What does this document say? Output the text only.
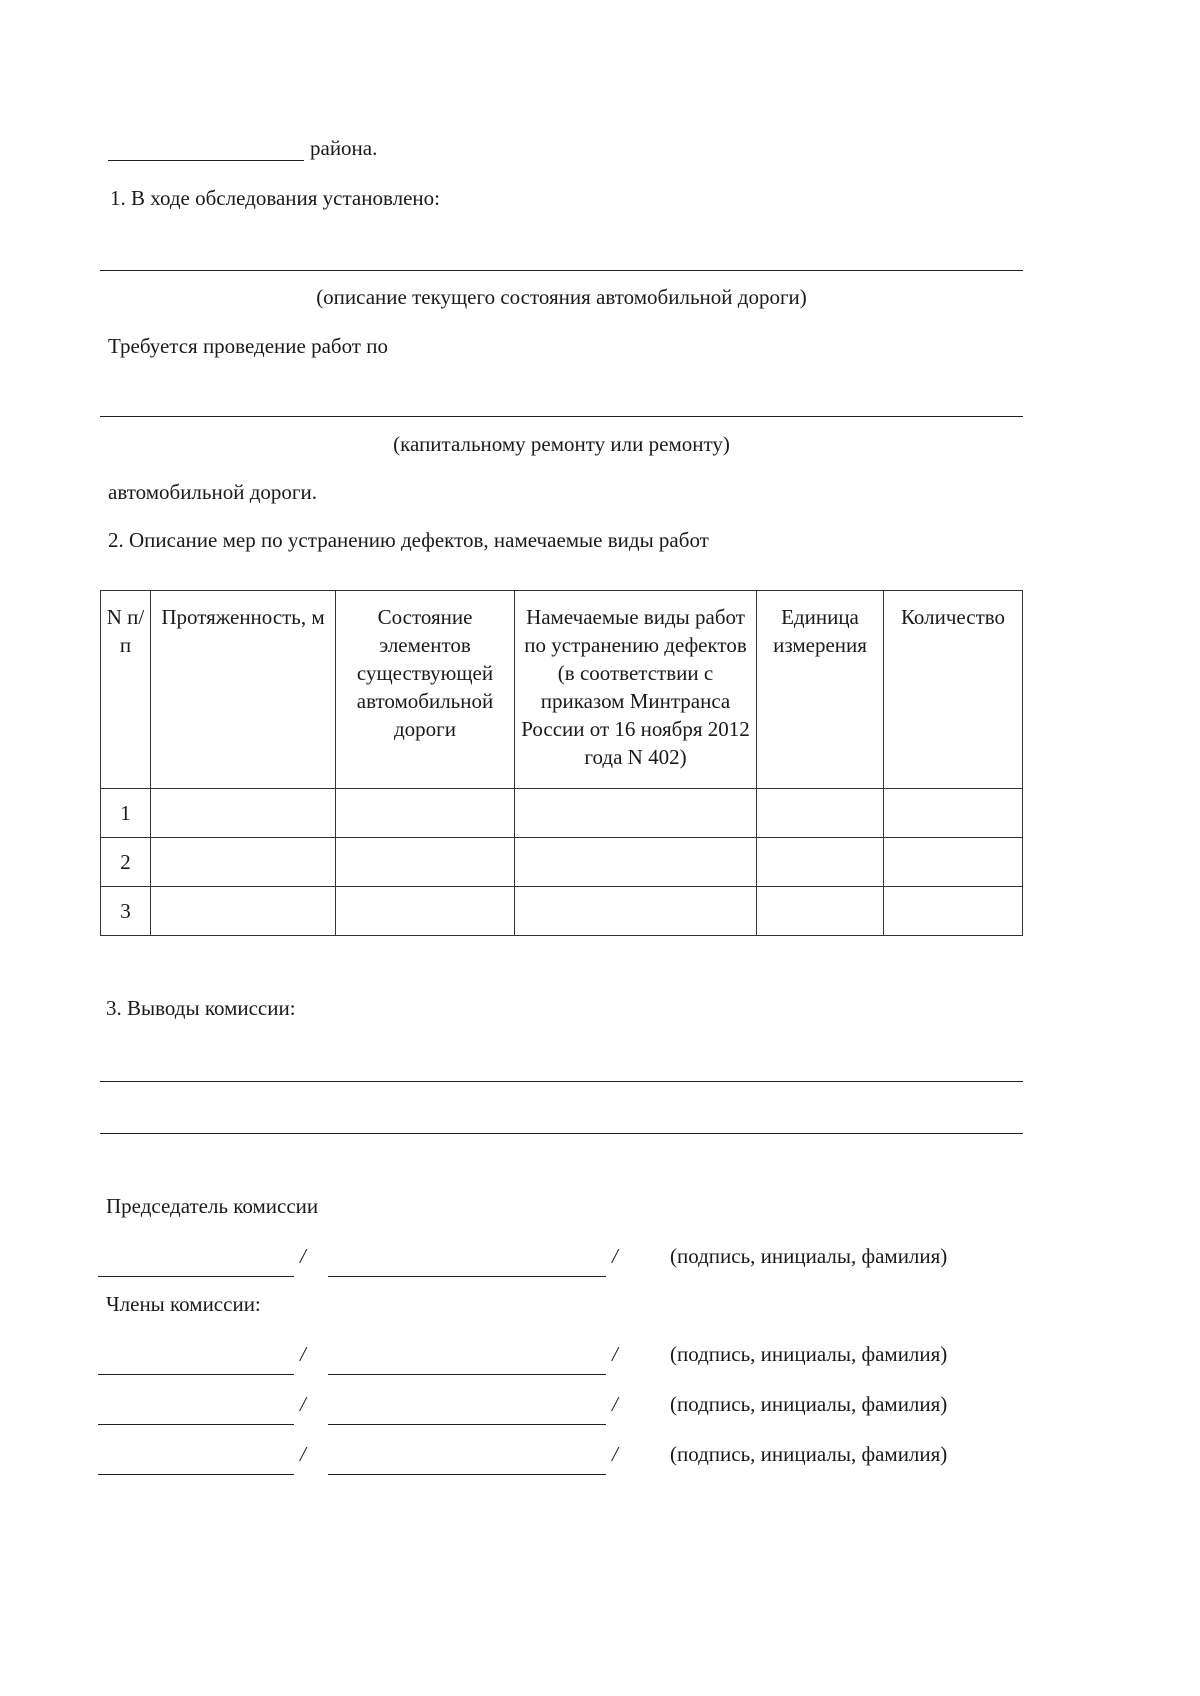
района.
1. В ходе обследования установлено:
(описание текущего состояния автомобильной дороги)
Требуется проведение работ по
(капитальному ремонту или ремонту)
автомобильной дороги.
2. Описание мер по устранению дефектов, намечаемые виды работ
N п/п	Протяженность, м	Состояние элементов существующей автомобильной дороги	Намечаемые виды работ по устранению дефектов (в соответствии с приказом Минтранса России от 16 ноября 2012 года N 402)	Единица измерения	Количество
1					
2					
3					
3. Выводы комиссии:
Председатель комиссии
/	/ (подпись, инициалы, фамилия)
Члены комиссии:
/	/ (подпись, инициалы, фамилия)
/	/ (подпись, инициалы, фамилия)
/	/ (подпись, инициалы, фамилия)
